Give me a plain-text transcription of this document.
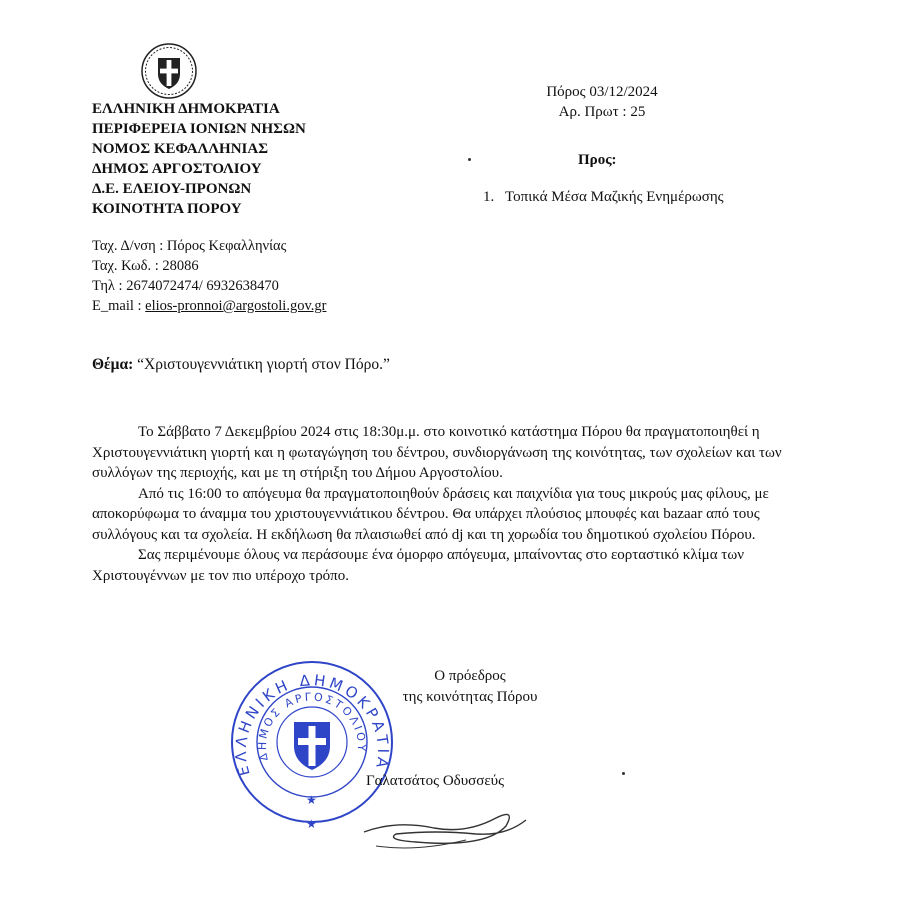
ΕΛΛΗΝΙΚΗ ΔΗΜΟΚΡΑΤΙΑ
ΠΕΡΙΦΕΡΕΙΑ ΙΟΝΙΩΝ ΝΗΣΩΝ
ΝΟΜΟΣ ΚΕΦΑΛΛΗΝΙΑΣ
ΔΗΜΟΣ ΑΡΓΟΣΤΟΛΙΟΥ
Δ.Ε. ΕΛΕΙΟΥ-ΠΡΟΝΩΝ
ΚΟΙΝΟΤΗΤΑ ΠΟΡΟΥ
Ταχ. Δ/νση : Πόρος Κεφαλληνίας
Ταχ. Κωδ. : 28086
Τηλ : 2674072474/ 6932638470
E_mail : elios-pronnoi@argostoli.gov.gr
Πόρος 03/12/2024
Αρ. Πρωτ : 25
Προς:
1. Τοπικά Μέσα Μαζικής Ενημέρωσης
Θέμα: “Χριστουγεννιάτικη γιορτή στον Πόρο.”

Το Σάββατο 7 Δεκεμβρίου 2024 στις 18:30μ.μ. στο κοινοτικό κατάστημα Πόρου θα πραγματοποιηθεί η Χριστουγεννιάτικη γιορτή και η φωταγώγηση του δέντρου, συνδιοργάνωση της κοινότητας, των σχολείων και των συλλόγων της περιοχής, και με τη στήριξη του Δήμου Αργοστολίου.

Από τις 16:00 το απόγευμα θα πραγματοποιηθούν δράσεις και παιχνίδια για τους μικρούς μας φίλους, με αποκορύφωμα το άναμμα του χριστουγεννιάτικου δέντρου. Θα υπάρχει πλούσιος μπουφές και bazaar από τους συλλόγους και τα σχολεία. Η εκδήλωση θα πλαισιωθεί από dj και τη χορωδία του δημοτικού σχολείου Πόρου.

Σας περιμένουμε όλους να περάσουμε ένα όμορφο απόγευμα, μπαίνοντας στο εορταστικό κλίμα των Χριστουγέννων με τον πιο υπέροχο τρόπο.

ΕΛΛΗΝΙΚΗ ΔΗΜΟΚΡΑΤΙΑ
ΔΗΜΟΣ ΑΡΓΟΣΤΟΛΙΟΥ
★
★
Ο πρόεδρος
της κοινότητας Πόρου
Γαλατσάτος Οδυσσεύς
